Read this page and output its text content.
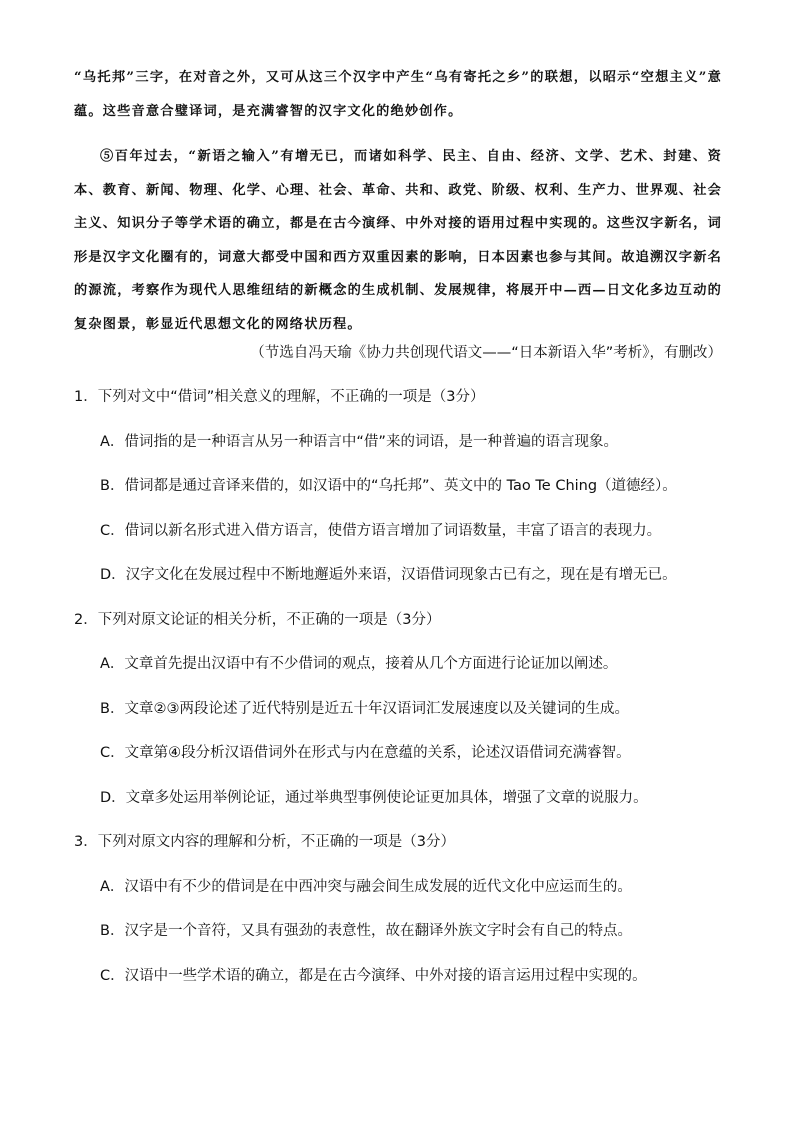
“乌托邦”三字，在对音之外，又可从这三个汉字中产生“乌有寄托之乡”的联想，以昭示“空想主义”意蕴。这些音意合璧译词，是充满睿智的汉字文化的绝妙创作。

⑤百年过去，“新语之输入”有增无已，而诸如科学、民主、自由、经济、文学、艺术、封建、资本、教育、新闻、物理、化学、心理、社会、革命、共和、政党、阶级、权利、生产力、世界观、社会主义、知识分子等学术语的确立，都是在古今演绎、中外对接的语用过程中实现的。这些汉字新名，词形是汉字文化圈有的，词意大都受中国和西方双重因素的影响，日本因素也参与其间。故追溯汉字新名的源流，考察作为现代人思维纽结的新概念的生成机制、发展规律，将展开中—西—日文化多边互动的复杂图景，彰显近代思想文化的网络状历程。

（节选自冯天瑜《协力共创现代语文——“日本新语入华”考析》，有删改）

1．下列对文中“借词”相关意义的理解，不正确的一项是（3分）

A．借词指的是一种语言从另一种语言中“借”来的词语，是一种普遍的语言现象。

B．借词都是通过音译来借的，如汉语中的“乌托邦”、英文中的 Tao Te Ching（道德经）。

C．借词以新名形式进入借方语言，使借方语言增加了词语数量，丰富了语言的表现力。

D．汉字文化在发展过程中不断地邂逅外来语，汉语借词现象古已有之，现在是有增无已。

2．下列对原文论证的相关分析，不正确的一项是（3分）

A．文章首先提出汉语中有不少借词的观点，接着从几个方面进行论证加以阐述。

B．文章②③两段论述了近代特别是近五十年汉语词汇发展速度以及关键词的生成。

C．文章第④段分析汉语借词外在形式与内在意蕴的关系，论述汉语借词充满睿智。

D．文章多处运用举例论证，通过举典型事例使论证更加具体，增强了文章的说服力。

3．下列对原文内容的理解和分析，不正确的一项是（3分）

A．汉语中有不少的借词是在中西冲突与融会间生成发展的近代文化中应运而生的。

B．汉字是一个音符，又具有强劲的表意性，故在翻译外族文字时会有自己的特点。

C．汉语中一些学术语的确立，都是在古今演绎、中外对接的语言运用过程中实现的。
